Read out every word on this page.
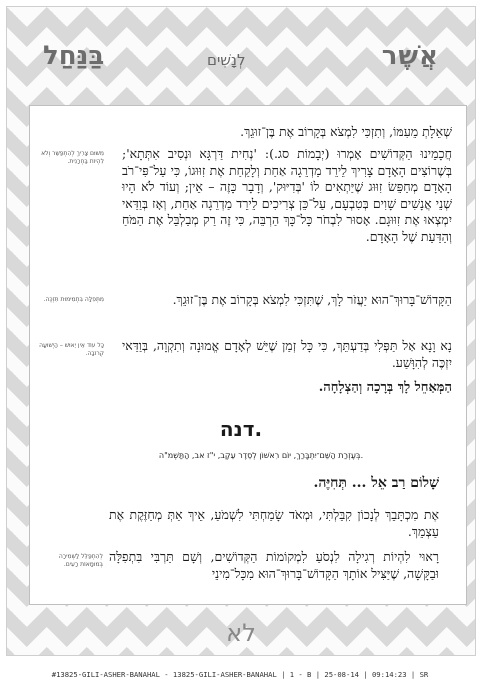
אֲשֶׁר
לְנָשִׁים
בַּנַּחַל
שְׁאֵלָתְ מֵעִמּוֹ, וְתִזְכִּי לִמְצֹא בְּקָרוֹב אֶת בֶּן־זוּגֵךְ.
חֲכָמֵינוּ הַקְּדוֹשִׁים אָמְרוּ (יְבָמוֹת סג.): 'נְחִית דַּרְגָּא וּנְסִיב אִתְּתָא'; בְּשֶׁרוֹצִים הָאָדָם צָרִיךְ לֵירֵד מַדְרֵגָה אַחַת וְלָקַחַת אֶת זִוּוּגוֹ, כִּי עַל־פִּי־רֹב הָאָדָם מְחַפֵּשׂ זִוּוּג שֶׁיַּתְאִים לוֹ 'בְּדִיּוּק', וְדָבָר כָּזֶה – אֵין; וְעוֹד לֹא הָיוּ שְׁנֵי אֲנָשִׁים שָׁוִים בְּטִבְעָם, עַל־כֵּן צְרִיכִים לֵירֵד מַדְרֵגָה אַחַת, וְאָז בְּוַדַּאי יִמְצְאוּ אֶת זִוּוּגָם. אָסוּר לִבְחֹר כָּל־כָּךְ הַרְבֵּה, כִּי זֶה רַק מְבַלְבֵּל אֶת הַמֹּחַ וְהַדַּעַת שֶׁל הָאָדָם.
מִשּׁוּם צָרִיךְ לְהִתְפַּשֵּׁר וְלֹא לִהְיוֹת בַּחְרָנִית.
הַקָּדוֹשׁ־בָּרוּךְ־הוּא יַעֲזֹר לָךְ, שֶׁתִּזְכִּי לִמְצֹא בְּקָרוֹב אֶת בֶּן־זוּגֵךְ.
מִתְּפִלָּה בִּתְמִימוּת תִּזְכֶּה.
נָא וָנָא אַל תַּפְּלִי בְּדַעְתֵּךְ, כִּי כָּל זְמַן שֶׁיֵּשׁ לְאָדָם אֱמוּנָה וְתִקְוָה, בְּוַדַּאי יִזְכֶּה לְהִוָּשַׁע.
כָּל עוֹד אֵין יֵאוּשׁ – הַיְשׁוּעָה קְרוֹבָה.
הַמְּאַחֵל לָךְ בְּרָכָה וְהַצְלָחָה.
דנה.
בְּעֶזְרַת הַשֵּׁם־יִתְבָּרַךְ, יוֹם רִאשׁוֹן לְסֵדֶר עֵקֶב, י"ז אב, הַתַּשְׁמ"ה.
שָׁלוֹם רַב אֵל ... תְּחִיֶּה.
אֶת מִכְתָּבֵךְ לְנָכוֹן קִבַּלְתִּי, וּמְאֹד שָׂמַחְתִּי לִשְׁמֹעַ, אֵיךְ אַתְּ מְחַזֶּקֶת אֶת עַצְמֵךְ.
רָאוּי לִהְיוֹת רְגִילָה לִנְסֹעַ לִמְקוֹמוֹת הַקְּדוֹשִׁים, וְשָׁם תַּרְבִּי בִּתְפִלָּה וּבַקָּשָׁה, שֶׁיַּצִּיל אוֹתָךְ הַקָּדוֹשׁ־בָּרוּךְ־הוּא מִכָּל־מִינֵי
לְהִתְפַּלֵּל לַשְּׁמִירָה בְּמוּמָאוֹת רָעִים.
לא
#13825-GILI-ASHER-BANAHAL - 13825-GILI-ASHER-BANAHAL | 1 - B | 25-08-14 | 09:14:23 | SR
